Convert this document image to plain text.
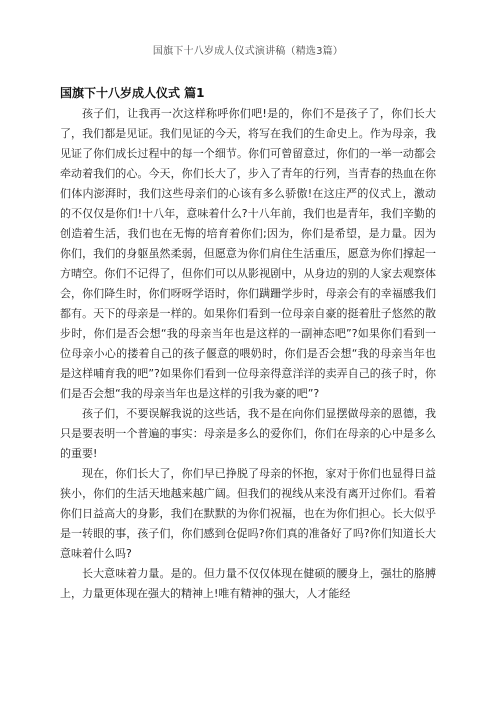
国旗下十八岁成人仪式演讲稿（精选3篇）
国旗下十八岁成人仪式 篇1

孩子们，让我再一次这样称呼你们吧!是的，你们不是孩子了，你们长大了，我们都是见证。我们见证的今天，将写在我们的生命史上。作为母亲，我见证了你们成长过程中的每一个细节。你们可曾留意过，你们的一举一动都会牵动着我们的心。今天，你们长大了，步入了青年的行列，当青春的热血在你们体内澎湃时，我们这些母亲们的心该有多么骄傲!在这庄严的仪式上，激动的不仅仅是你们!十八年，意味着什么?十八年前，我们也是青年，我们辛勤的创造着生活，我们也在无悔的培育着你们;因为，你们是希望，是力量。因为你们，我们的身躯虽然柔弱，但愿意为你们肩住生活重压，愿意为你们撑起一方晴空。你们不记得了，但你们可以从影视剧中，从身边的别的人家去观察体会，你们降生时，你们呀呀学语时，你们蹒跚学步时，母亲会有的幸福感我们都有。天下的母亲是一样的。如果你们看到一位母亲自豪的挺着肚子悠然的散步时，你们是否会想“我的母亲当年也是这样的一副神态吧”?如果你们看到一位母亲小心的搂着自己的孩子偃意的喂奶时，你们是否会想“我的母亲当年也是这样哺育我的吧”?如果你们看到一位母亲得意洋洋的卖弄自己的孩子时，你们是否会想“我的母亲当年也是这样的引我为豪的吧”?

孩子们，不要误解我说的这些话，我不是在向你们显摆做母亲的恩德，我只是要表明一个普遍的事实：母亲是多么的爱你们，你们在母亲的心中是多么的重要!

现在，你们长大了，你们早已挣脱了母亲的怀抱，家对于你们也显得日益狭小，你们的生活天地越来越广阔。但我们的视线从来没有离开过你们。看着你们日益高大的身影，我们在默默的为你们祝福，也在为你们担心。长大似乎是一转眼的事，孩子们，你们感到仓促吗?你们真的准备好了吗?你们知道长大意味着什么吗?

长大意味着力量。是的。但力量不仅仅体现在健硕的腰身上，强壮的胳膊上，力量更体现在强大的精神上!唯有精神的强大，人才能经
